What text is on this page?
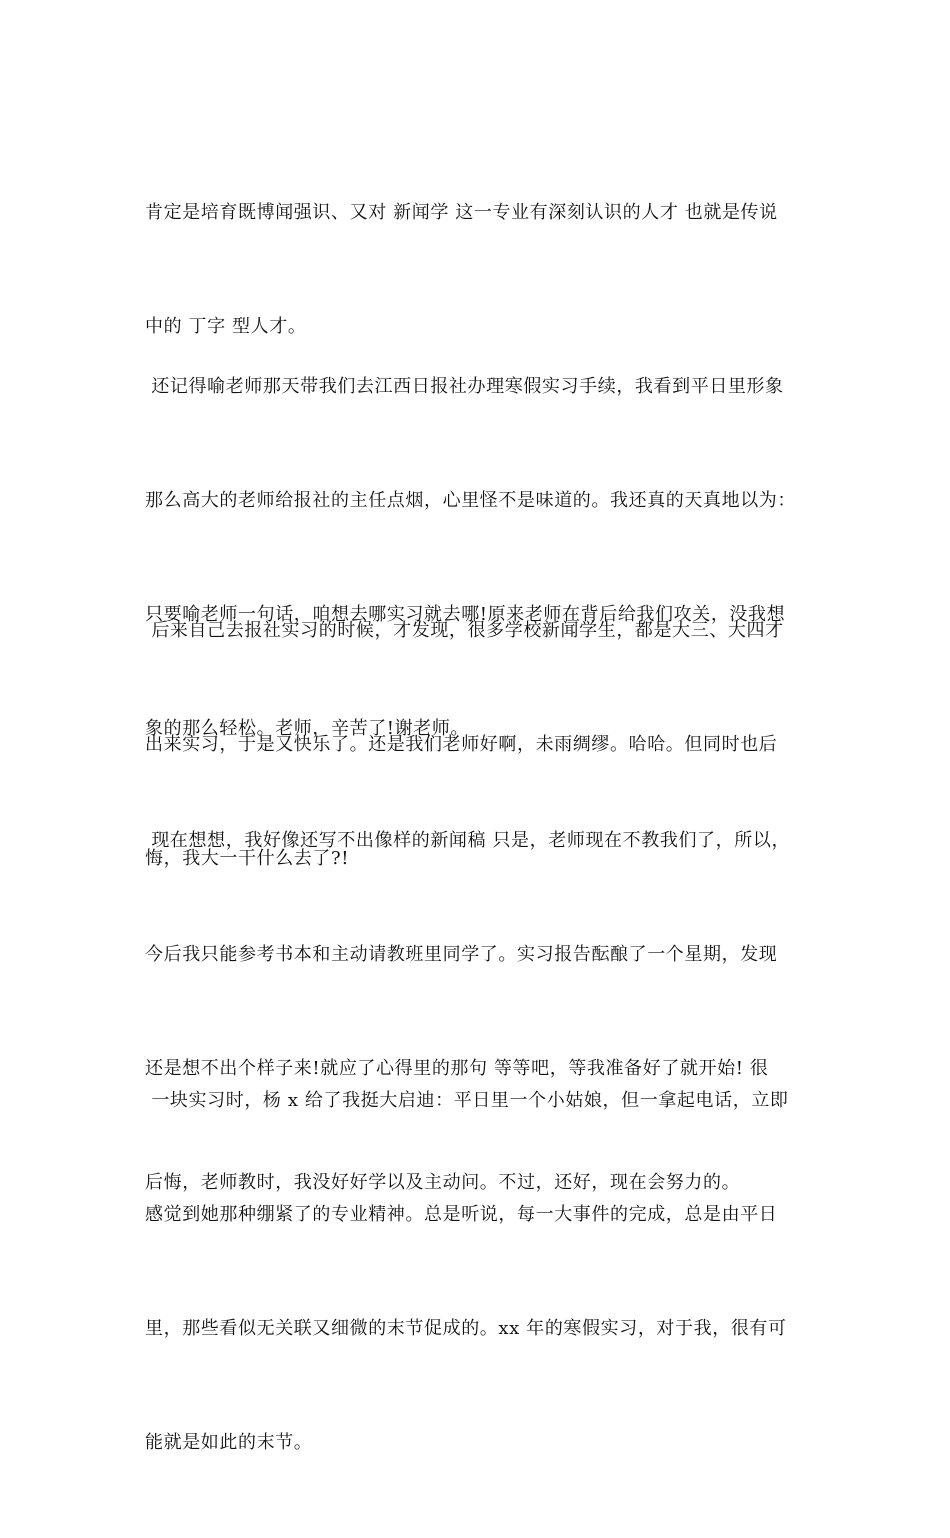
肯定是培育既博闻强识、又对 新闻学 这一专业有深刻认识的人才 也就是传说

中的 丁字 型人才。

还记得喻老师那天带我们去江西日报社办理寒假实习手续，我看到平日里形象

那么高大的老师给报社的主任点烟，心里怪不是味道的。我还真的天真地以为：

只要喻老师一句话，咱想去哪实习就去哪!原来老师在背后给我们攻关，没我想

象的那么轻松。老师，辛苦了!谢老师。

后来自己去报社实习的时候，才发现，很多学校新闻学生，都是大三、大四才

出来实习，于是又快乐了。还是我们老师好啊，未雨绸缪。哈哈。但同时也后

悔，我大一干什么去了?!

现在想想，我好像还写不出像样的新闻稿 只是，老师现在不教我们了，所以，

今后我只能参考书本和主动请教班里同学了。实习报告酝酿了一个星期，发现

还是想不出个样子来!就应了心得里的那句 等等吧，等我准备好了就开始! 很

后悔，老师教时，我没好好学以及主动问。不过，还好，现在会努力的。

一块实习时，杨 x 给了我挺大启迪：平日里一个小姑娘，但一拿起电话，立即

感觉到她那种绷紧了的专业精神。总是听说，每一大事件的完成，总是由平日

里，那些看似无关联又细微的末节促成的。xx 年的寒假实习，对于我，很有可

能就是如此的末节。
